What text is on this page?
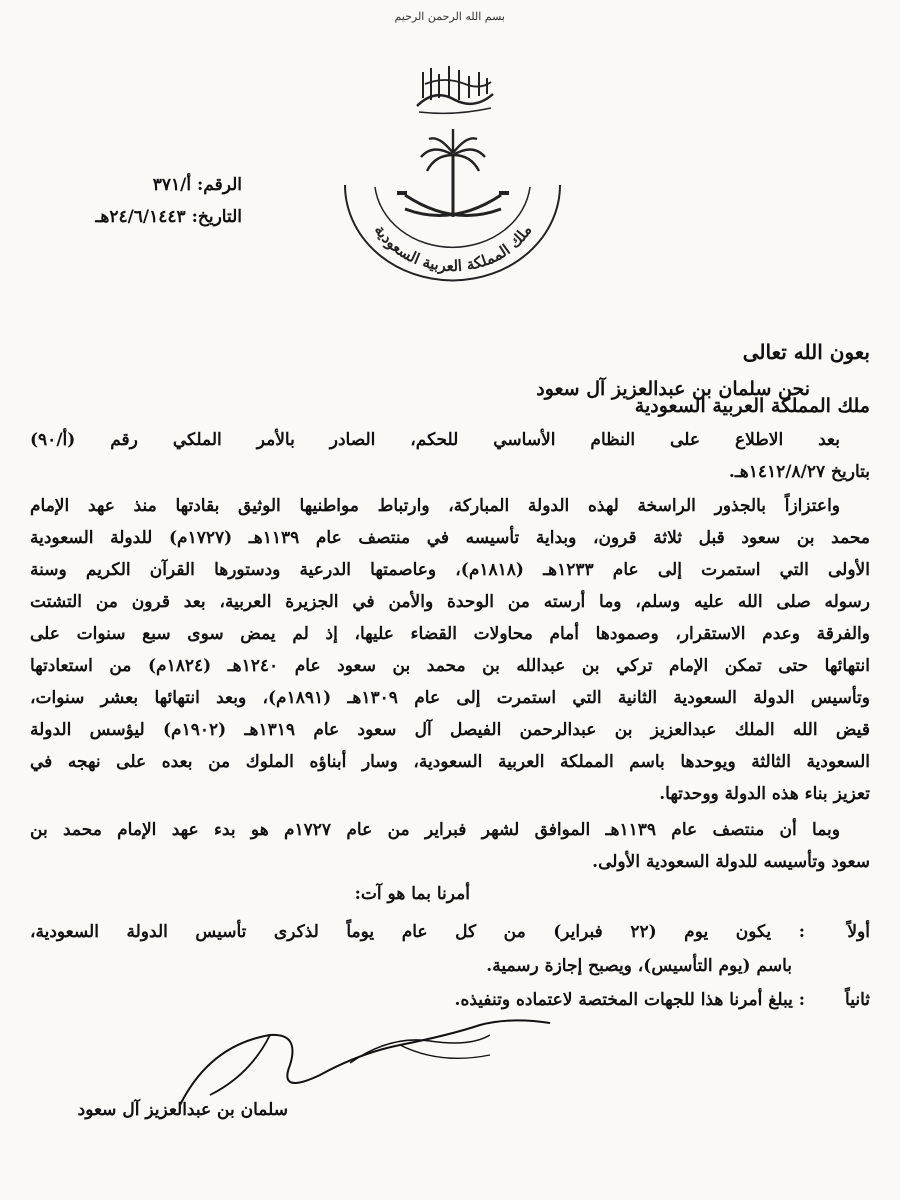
بسم الله الرحمن الرحيم
ملك المملكة العربية السعودية
الرقم: أ/٣٧١
التاريخ: ٢٤/٦/١٤٤٣هـ
بعون الله تعالى
نحن سلمان بن عبدالعزيز آل سعود
ملك المملكة العربية السعودية
بعد الاطلاع على النظام الأساسي للحكم، الصادر بالأمر الملكي رقم (أ/٩٠)
بتاريخ ١٤١٢/٨/٢٧هـ.
واعتزازاً بالجذور الراسخة لهذه الدولة المباركة، وارتباط مواطنيها الوثيق بقادتها منذ عهد الإمام
محمد بن سعود قبل ثلاثة قرون، وبداية تأسيسه في منتصف عام ١١٣٩هـ (١٧٢٧م) للدولة السعودية
الأولى التي استمرت إلى عام ١٢٣٣هـ (١٨١٨م)، وعاصمتها الدرعية ودستورها القرآن الكريم وسنة
رسوله صلى الله عليه وسلم، وما أرسته من الوحدة والأمن في الجزيرة العربية، بعد قرون من التشتت
والفرقة وعدم الاستقرار، وصمودها أمام محاولات القضاء عليها، إذ لم يمض سوى سبع سنوات على
انتهائها حتى تمكن الإمام تركي بن عبدالله بن محمد بن سعود عام ١٢٤٠هـ (١٨٢٤م) من استعادتها
وتأسيس الدولة السعودية الثانية التي استمرت إلى عام ١٣٠٩هـ (١٨٩١م)، وبعد انتهائها بعشر سنوات،
قيض الله الملك عبدالعزيز بن عبدالرحمن الفيصل آل سعود عام ١٣١٩هـ (١٩٠٢م) ليؤسس الدولة
السعودية الثالثة ويوحدها باسم المملكة العربية السعودية، وسار أبناؤه الملوك من بعده على نهجه في
تعزيز بناء هذه الدولة ووحدتها.
وبما أن منتصف عام ١١٣٩هـ الموافق لشهر فبراير من عام ١٧٢٧م هو بدء عهد الإمام محمد بن
سعود وتأسيسه للدولة السعودية الأولى.
أمرنا بما هو آت:
أولاً
: يكون يوم (٢٢ فبراير) من كل عام يوماً لذكرى تأسيس الدولة السعودية،
باسم (يوم التأسيس)، ويصبح إجازة رسمية.
ثانياً
: يبلغ أمرنا هذا للجهات المختصة لاعتماده وتنفيذه.
سلمان بن عبدالعزيز آل سعود
